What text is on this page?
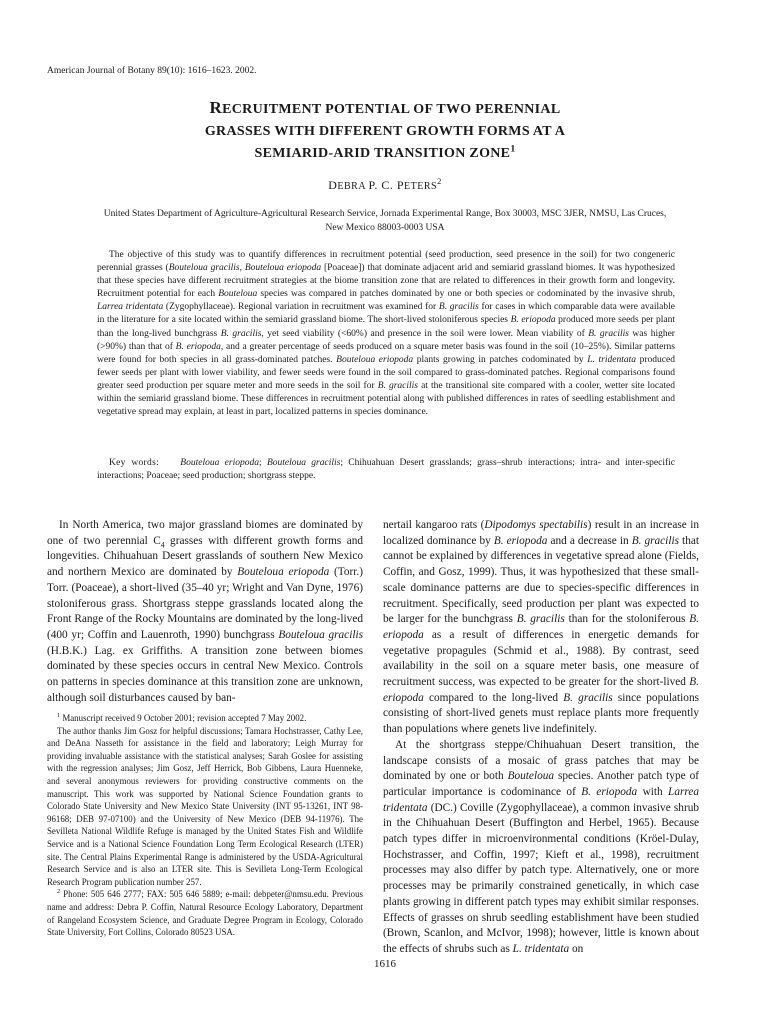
American Journal of Botany 89(10): 1616–1623. 2002.
RECRUITMENT POTENTIAL OF TWO PERENNIAL
GRASSES WITH DIFFERENT GROWTH FORMS AT A
SEMIARID-ARID TRANSITION ZONE$^1$
DEBRA P. C. PETERS$^2$
United States Department of Agriculture-Agricultural Research Service, Jornada Experimental Range, Box 30003, MSC 3JER, NMSU, Las Cruces, New Mexico 88003-0003 USA

The objective of this study was to quantify differences in recruitment potential (seed production, seed presence in the soil) for two congeneric perennial grasses (Bouteloua gracilis, Bouteloua eriopoda [Poaceae]) that dominate adjacent arid and semiarid grassland biomes. It was hypothesized that these species have different recruitment strategies at the biome transition zone that are related to differences in their growth form and longevity. Recruitment potential for each Bouteloua species was compared in patches dominated by one or both species or codominated by the invasive shrub, Larrea tridentata (Zygophyllaceae). Regional variation in recruitment was examined for B. gracilis for cases in which comparable data were available in the literature for a site located within the semiarid grassland biome. The short-lived stoloniferous species B. eriopoda produced more seeds per plant than the long-lived bunchgrass B. gracilis, yet seed viability (<60%) and presence in the soil were lower. Mean viability of B. gracilis was higher (>90%) than that of B. eriopoda, and a greater percentage of seeds produced on a square meter basis was found in the soil (10–25%). Similar patterns were found for both species in all grass-dominated patches. Bouteloua eriopoda plants growing in patches codominated by L. tridentata produced fewer seeds per plant with lower viability, and fewer seeds were found in the soil compared to grass-dominated patches. Regional comparisons found greater seed production per square meter and more seeds in the soil for B. gracilis at the transitional site compared with a cooler, wetter site located within the semiarid grassland biome. These differences in recruitment potential along with published differences in rates of seedling establishment and vegetative spread may explain, at least in part, localized patterns in species dominance.

Key words: Bouteloua eriopoda; Bouteloua gracilis; Chihuahuan Desert grasslands; grass–shrub interactions; intra- and inter-specific interactions; Poaceae; seed production; shortgrass steppe.

In North America, two major grassland biomes are dominated by one of two perennial $C_4$ grasses with different growth forms and longevities. Chihuahuan Desert grasslands of southern New Mexico and northern Mexico are dominated by Bouteloua eriopoda (Torr.) Torr. (Poaceae), a short-lived (35–40 yr; Wright and Van Dyne, 1976) stoloniferous grass. Shortgrass steppe grasslands located along the Front Range of the Rocky Mountains are dominated by the long-lived (400 yr; Coffin and Lauenroth, 1990) bunchgrass Bouteloua gracilis (H.B.K.) Lag. ex Griffiths. A transition zone between biomes dominated by these species occurs in central New Mexico. Controls on patterns in species dominance at this transition zone are unknown, although soil disturbances caused by ban-

$^1$ Manuscript received 9 October 2001; revision accepted 7 May 2002.

The author thanks Jim Gosz for helpful discussions; Tamara Hochstrasser, Cathy Lee, and DeAna Nasseth for assistance in the field and laboratory; Leigh Murray for providing invaluable assistance with the statistical analyses; Sarah Goslee for assisting with the regression analyses; Jim Gosz, Jeff Herrick, Bob Gibbens, Laura Huenneke, and several anonymous reviewers for providing constructive comments on the manuscript. This work was supported by National Science Foundation grants to Colorado State University and New Mexico State University (INT 95-13261, INT 98-96168; DEB 97-07100) and the University of New Mexico (DEB 94-11976). The Sevilleta National Wildlife Refuge is managed by the United States Fish and Wildlife Service and is a National Science Foundation Long Term Ecological Research (LTER) site. The Central Plains Experimental Range is administered by the USDA-Agricultural Research Service and is also an LTER site. This is Sevilleta Long-Term Ecological Research Program publication number 257.

$^2$ Phone: 505 646 2777; FAX: 505 646 5889; e-mail: debpeter@nmsu.edu. Previous name and address: Debra P. Coffin, Natural Resource Ecology Laboratory, Department of Rangeland Ecosystem Science, and Graduate Degree Program in Ecology, Colorado State University, Fort Collins, Colorado 80523 USA.

nertail kangaroo rats (Dipodomys spectabilis) result in an increase in localized dominance by B. eriopoda and a decrease in B. gracilis that cannot be explained by differences in vegetative spread alone (Fields, Coffin, and Gosz, 1999). Thus, it was hypothesized that these small-scale dominance patterns are due to species-specific differences in recruitment. Specifically, seed production per plant was expected to be larger for the bunchgrass B. gracilis than for the stoloniferous B. eriopoda as a result of differences in energetic demands for vegetative propagules (Schmid et al., 1988). By contrast, seed availability in the soil on a square meter basis, one measure of recruitment success, was expected to be greater for the short-lived B. eriopoda compared to the long-lived B. gracilis since populations consisting of short-lived genets must replace plants more frequently than populations where genets live indefinitely.

At the shortgrass steppe/Chihuahuan Desert transition, the landscape consists of a mosaic of grass patches that may be dominated by one or both Bouteloua species. Another patch type of particular importance is codominance of B. eriopoda with Larrea tridentata (DC.) Coville (Zygophyllaceae), a common invasive shrub in the Chihuahuan Desert (Buffington and Herbel, 1965). Because patch types differ in microenvironmental conditions (Kröel-Dulay, Hochstrasser, and Coffin, 1997; Kieft et al., 1998), recruitment processes may also differ by patch type. Alternatively, one or more processes may be primarily constrained genetically, in which case plants growing in different patch types may exhibit similar responses. Effects of grasses on shrub seedling establishment have been studied (Brown, Scanlon, and McIvor, 1998); however, little is known about the effects of shrubs such as L. tridentata on

1616
